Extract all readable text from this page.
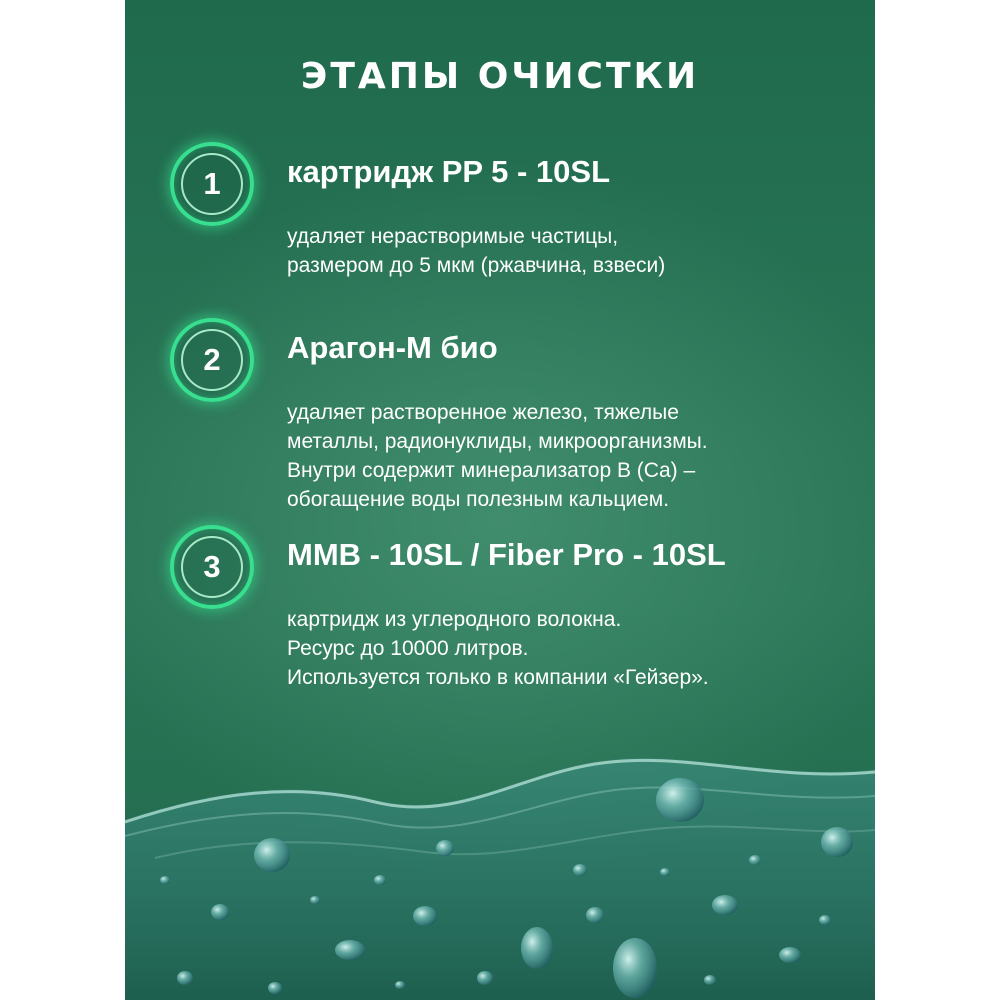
ЭТАПЫ ОЧИСТКИ
1	картридж PP 5 - 10SL

удаляет нерастворимые частицы,
размером до 5 мкм (ржавчина, взвеси)

2	Арагон-М био

удаляет растворенное железо, тяжелые
металлы, радионуклиды, микроорганизмы.
Внутри содержит минерализатор B (Ca) –
обогащение воды полезным кальцием.

3	MMB - 10SL / Fiber Pro - 10SL

картридж из углеродного волокна.
Ресурс до 10000 литров.
Используется только в компании «Гейзер».
